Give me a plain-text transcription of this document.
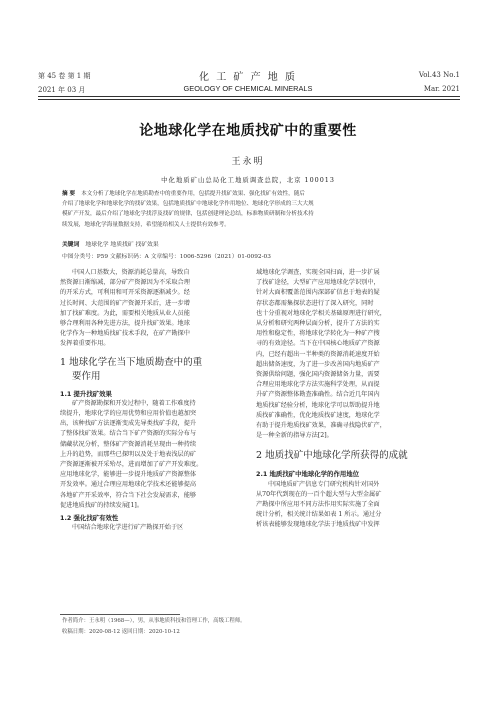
第 45 卷 第 1 期
2021 年 03 月
化 工 矿 产 地 质
GEOLOGY OF CHEMICAL MINERALS
Vol.43 No.1
Mar. 2021
论地球化学在地质找矿中的重要性
王永明
中化地质矿山总局化工地质调查总院，北京 100013
摘 要 本文分析了地球化学在地质勘查中的重要作用，包括提升找矿效果、强化找矿有效性，随后
介绍了地球化学和地球化学的找矿效果，包括地质找矿中地球化学作用地位、地球化学形成的三大大规
模矿产开发，最后介绍了地球化学找浮及找矿的规律，包括创建理论总结，标准物质研制和分析技术持
续发展，地球化学海量数据支持，希望能给相关人士提供有效参考。
关键词 地球化学 地质找矿 找矿效果
中图分类号：P59 文献标识码：A 文章编号：1006-5296（2021）01-0092-03

中国人口基数大，资源消耗总量高，导致自

然资源日渐缩减，部分矿产资源因为不采取合理

的开采方式，可利用和可开采资源逐渐减少。经

过长时间、大范围的矿产资源开采后，进一步增

加了找矿难度。为此，需要相关地质从业人员能

够合理利用各种先进方法，提升找矿效果。地球

化学作为一种地质找矿技术手段，在矿产勘探中

发挥着重要作用。

1 地球化学在当下地质勘查中的重
要作用
1.1 提升找矿效果

矿产资源勘探和开发过程中，随着工作难度持

续提升，地球化学的应用优势和应用价值也越加突

出，该种找矿方法逐渐变成先导类找矿手段，提升

了整体找矿效果。结合当下矿产资源的实际分布与

储藏状况分析，整体矿产资源消耗呈现由一种持续

上升的趋势，而那些已探明以及处于地表浅层的矿

产资源逐渐被开采殆尽，进而增加了矿产开发难度。

应用地球化学，能够进一步提升地质矿产资源整体

开发效率。通过合理应用地球化学技术还能够提高

各地矿产开采效率，符合当下社会发展需求，能够

促进地质找矿的持续发展[1]。

1.2 强化找矿有效性

中国结合地球化学进行矿产勘探开始于区

域地球化学调查，实现全国扫面，进一步扩展

了找矿途径，大型矿产应用地球化学识别中，

针对大面积覆盖范围内深部矿信息于地表的疑

存状态都需集探状态进行了深入研究，同时

也十分重视对地球化学相关基础原理进行研究，

从分析和研究两种层面分析，提升了方法的实

用性和稳定性，将地球化学转化为一种矿产搜

寻的有效途径。当下在中国核心地质矿产资源

内，已经有超出一半种类的资源消耗速度开始

超出储备速度，为了进一步改善国内地质矿产

资源供给问题，强化国内资源储备力量，需要

合理应用地球化学方法实施科学处理，从而提

升矿产资源整体勘查准确性。结合近几年国内

地质找矿经验分析，地球化学可以帮助提升地

质找矿准确性，优化地质找矿速度，地球化学

有助于提升地质找矿效果，准确寻找隐伏矿产，

是一种全新的指导方法[2]。

2 地质找矿中地球化学所获得的成就
2.1 地质找矿中地球化学的作用地位

中国地质矿产信息专门研究机构针对国外

从70年代到现在的一百个超大型与大型金属矿

产勘探中所应用不同方法作用实际实施了全面

统计分析，相关统计结果如表 1 所示。通过分

析该表能够发现地球化学法于地质找矿中发挥

作者简介：王永明（1968—），男，从事地质科技和管理工作，高级工程师。
收稿日期：2020-08-12 返回日期：2020-10-12
